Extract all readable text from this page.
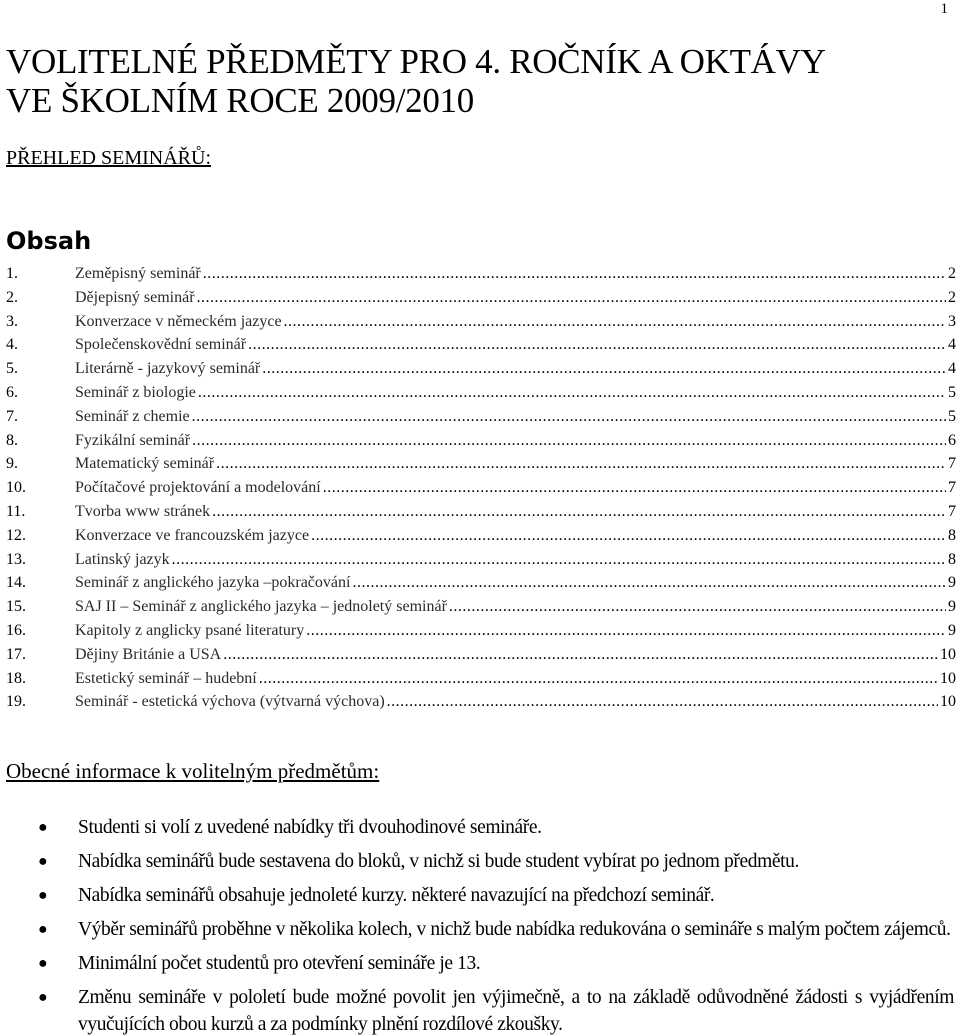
1
VOLITELNÉ PŘEDMĚTY PRO 4. ROČNÍK A OKTÁVY
VE ŠKOLNÍM ROCE 2009/2010
PŘEHLED SEMINÁŘŮ:
Obsah
1.	Zeměpisný seminář .....	2
2.	Dějepisný seminář .....	2
3.	Konverzace v německém jazyce .....	3
4.	Společenskovědní seminář .....	4
5.	Literárně - jazykový seminář .....	4
6.	Seminář z biologie .....	5
7.	Seminář z chemie .....	5
8.	Fyzikální seminář .....	6
9.	Matematický seminář .....	7
10.	Počítačové projektování a modelování .....	7
11.	Tvorba www stránek .....	7
12.	Konverzace ve francouzském jazyce .....	8
13.	Latinský jazyk .....	8
14.	Seminář z anglického jazyka –pokračování .....	9
15.	SAJ II – Seminář z anglického jazyka – jednoletý seminář .....	9
16.	Kapitoly z anglicky psané literatury .....	9
17.	Dějiny Británie a USA .....	10
18.	Estetický seminář – hudební .....	10
19.	Seminář - estetická výchova (výtvarná výchova) .....	10
Obecné informace k volitelným předmětům:
●	Studenti si volí z uvedené nabídky tři dvouhodinové semináře.
●	Nabídka seminářů bude sestavena do bloků, v nichž si bude student vybírat po jednom předmětu.
●	Nabídka seminářů obsahuje jednoleté kurzy. některé navazující na předchozí seminář.
●	Výběr seminářů proběhne v několika kolech, v nichž bude nabídka redukována o semináře s malým počtem zájemců.
●	Minimální počet studentů pro otevření semináře je 13.
●	Změnu semináře v pololetí bude možné povolit jen výjimečně, a to na základě odůvodněné žádosti s vyjádřením vyučujících obou kurzů a za podmínky plnění rozdílové zkoušky.
